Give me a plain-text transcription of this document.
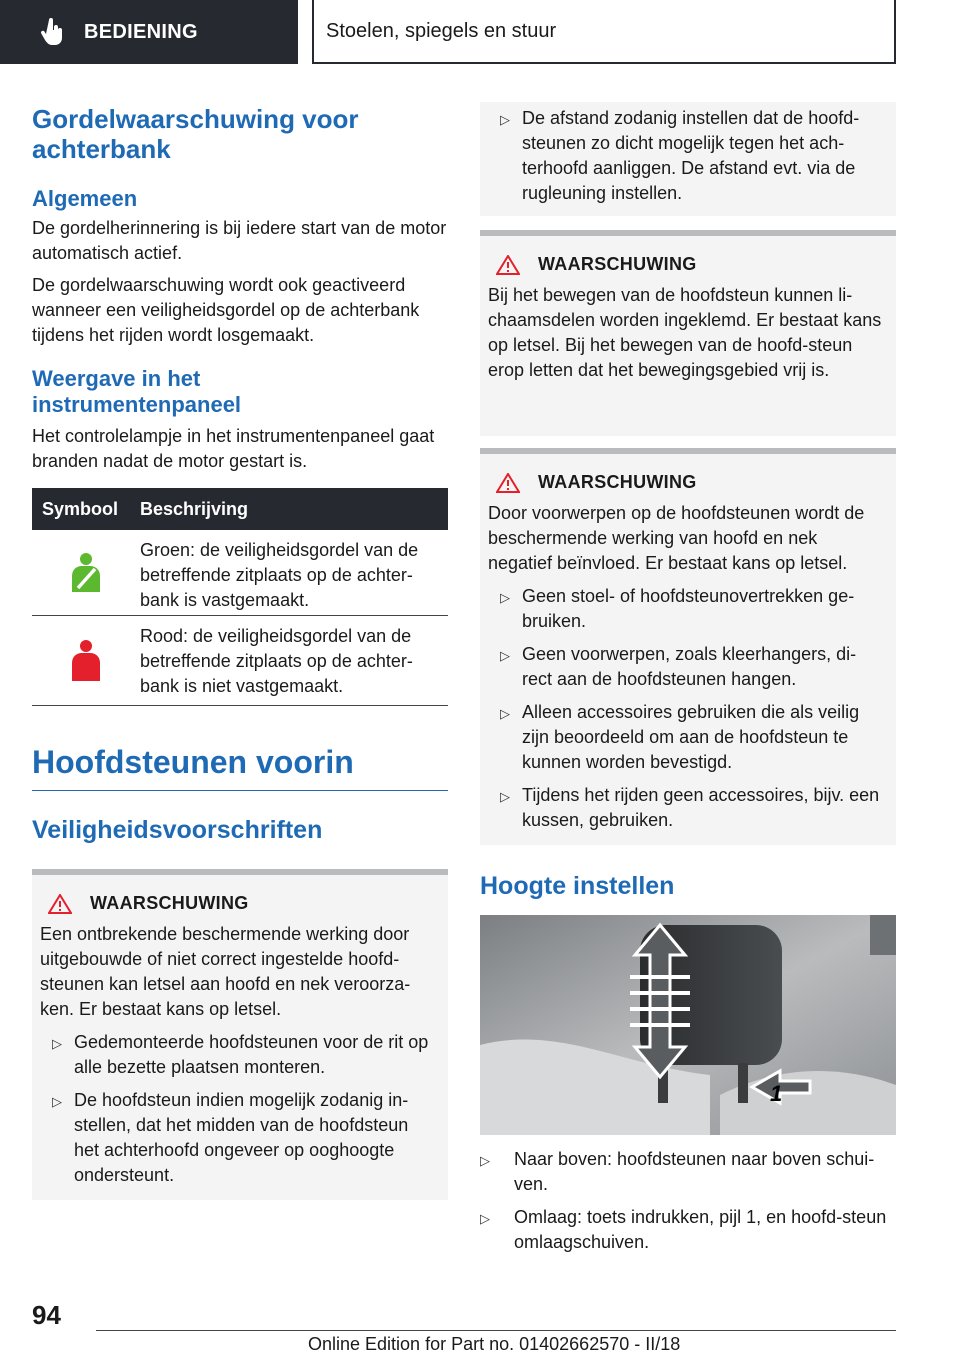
BEDIENING	Stoelen, spiegels en stuur
Gordelwaarschuwing voor achterbank
Algemeen

De gordelherinnering is bij iedere start van de motor automatisch actief.

De gordelwaarschuwing wordt ook geactiveerd wanneer een veiligheidsgordel op de achterbank tijdens het rijden wordt losgemaakt.

Weergave in het instrumentenpaneel

Het controlelampje in het instrumentenpaneel gaat branden nadat de motor gestart is.

Symbool	Beschrijving
Groen: de veiligheidsgordel van de betreffende zitplaats op de achter-bank is vastgemaakt.
Rood: de veiligheidsgordel van de betreffende zitplaats op de achter-bank is niet vastgemaakt.
Hoofdsteunen voorin
Veiligheidsvoorschriften
WAARSCHUWING

Een ontbrekende beschermende werking door uitgebouwde of niet correct ingestelde hoofd-steunen kan letsel aan hoofd en nek veroorza-ken. Er bestaat kans op letsel.

▷ Gedemonteerde hoofdsteunen voor de rit op alle bezette plaatsen monteren.
▷ De hoofdsteun indien mogelijk zodanig in-stellen, dat het midden van de hoofdsteun het achterhoofd ongeveer op ooghoogte ondersteunt.
▷ De afstand zodanig instellen dat de hoofd-steunen zo dicht mogelijk tegen het ach-terhoofd aanliggen. De afstand evt. via de rugleuning instellen.
WAARSCHUWING

Bij het bewegen van de hoofdsteun kunnen li-chaamsdelen worden ingeklemd. Er bestaat kans op letsel. Bij het bewegen van de hoofd-steun erop letten dat het bewegingsgebied vrij is.

WAARSCHUWING

Door voorwerpen op de hoofdsteunen wordt de beschermende werking van hoofd en nek negatief beïnvloed. Er bestaat kans op letsel.

▷ Geen stoel- of hoofdsteunovertrekken ge-bruiken.
▷ Geen voorwerpen, zoals kleerhangers, di-rect aan de hoofdsteunen hangen.
▷ Alleen accessoires gebruiken die als veilig zijn beoordeeld om aan de hoofdsteun te kunnen worden bevestigd.
▷ Tijdens het rijden geen accessoires, bijv. een kussen, gebruiken.
Hoogte instellen
1
▷	Naar boven: hoofdsteunen naar boven schui-ven.
▷	Omlaag: toets indrukken, pijl 1, en hoofd-steun omlaagschuiven.
94
Online Edition for Part no. 01402662570 - II/18
